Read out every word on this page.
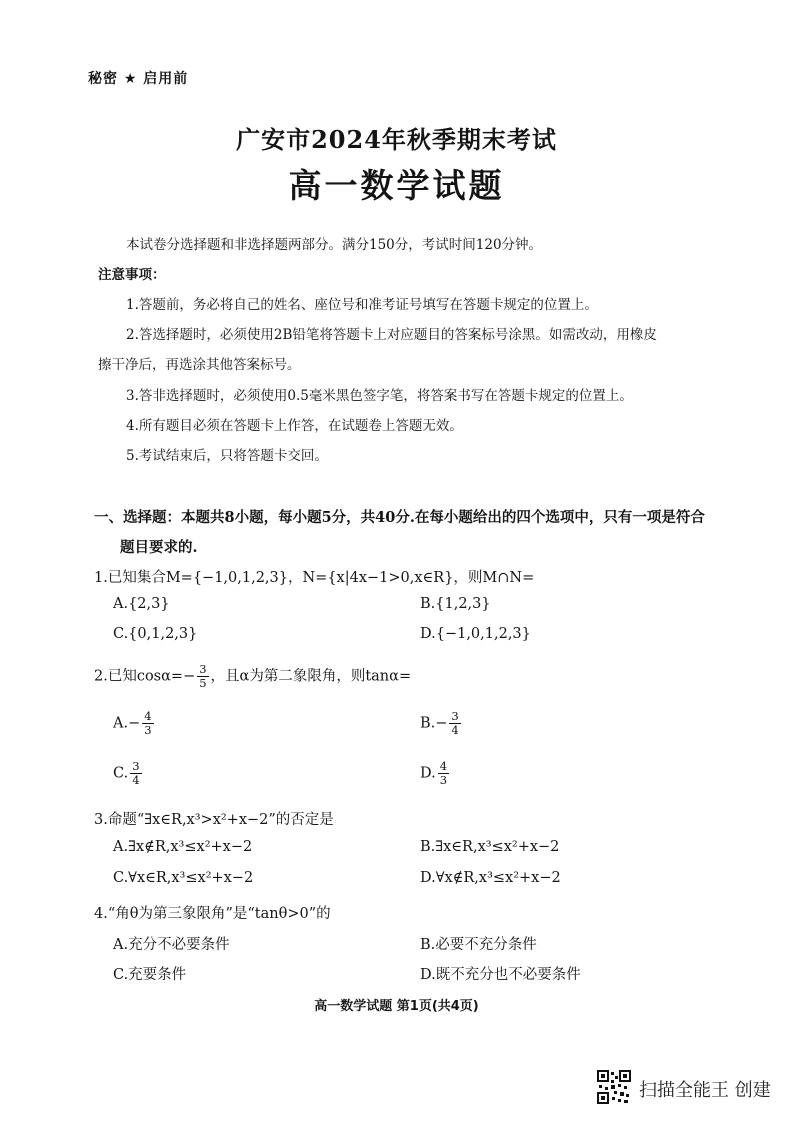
秘密 ★ 启用前
广安市2024年秋季期末考试
高一数学试题
本试卷分选择题和非选择题两部分。满分150分，考试时间120分钟。
注意事项：
1.答题前，务必将自己的姓名、座位号和准考证号填写在答题卡规定的位置上。
2.答选择题时，必须使用2B铅笔将答题卡上对应题目的答案标号涂黑。如需改动，用橡皮
擦干净后，再选涂其他答案标号。
3.答非选择题时，必须使用0.5毫米黑色签字笔，将答案书写在答题卡规定的位置上。
4.所有题目必须在答题卡上作答，在试题卷上答题无效。
5.考试结束后，只将答题卡交回。
一、选择题：本题共8小题，每小题5分，共40分.在每小题给出的四个选项中，只有一项是符合
题目要求的.
1.已知集合M={−1,0,1,2,3}，N={x|4x−1>0,x∈R}，则M∩N=
A.{2,3}	B.{1,2,3}
C.{0,1,2,3}	D.{−1,0,1,2,3}
2.已知$\cos\alpha=- \frac{3}{5}$ ，且α为第二象限角，则tanα=
$A.- \frac{4}{3}$	$B.- \frac{3}{4}$
C. $\frac{3}{4}$	D. $\frac{4}{3}$
3.命题“∃x∈R,x³>x²+x−2”的否定是
A.∃x∉R,x³≤x²+x−2	B.∃x∈R,x³≤x²+x−2
C.∀x∈R,x³≤x²+x−2	D.∀x∉R,x³≤x²+x−2
4.“角θ为第三象限角”是“tanθ>0”的
A.充分不必要条件	B.必要不充分条件
C.充要条件	D.既不充分也不必要条件
高一数学试题 第1页(共4页)
扫描全能王 创建
